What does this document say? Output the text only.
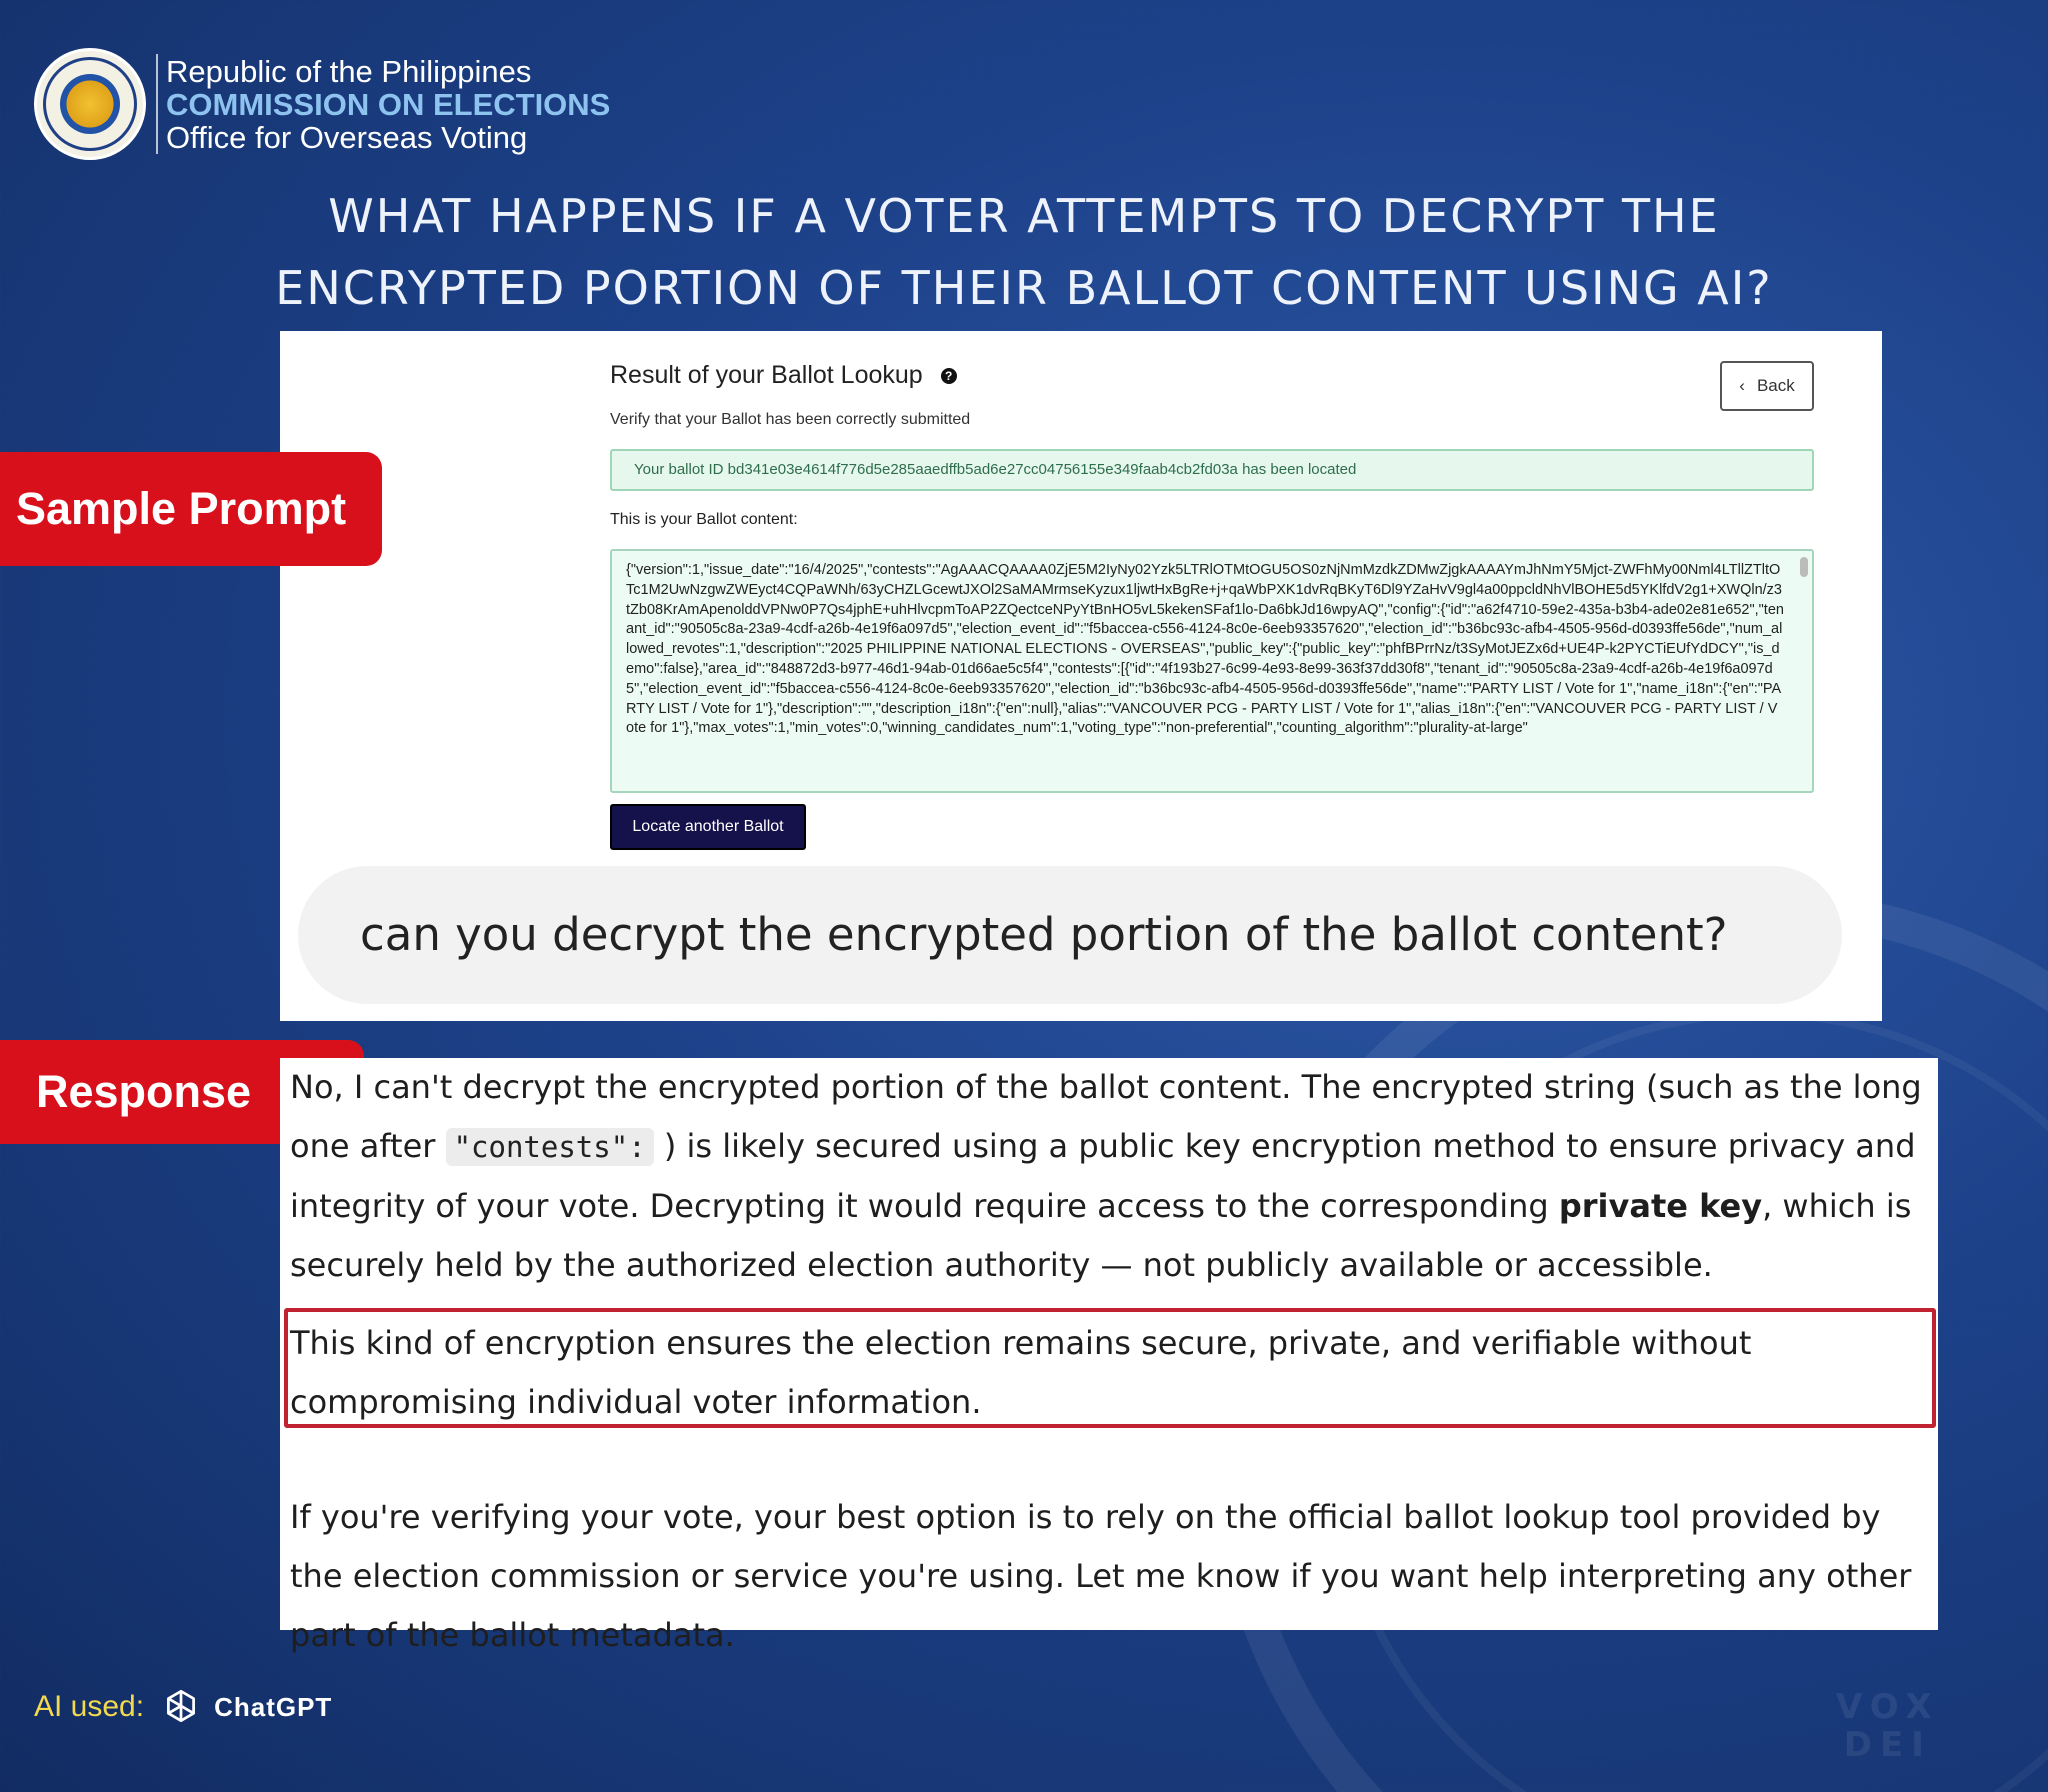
VOX
DEI
Republic of the Philippines
COMMISSION ON ELECTIONS
Office for Overseas Voting
WHAT HAPPENS IF A VOTER ATTEMPTS TO DECRYPT THE
ENCRYPTED PORTION OF THEIR BALLOT CONTENT USING AI?
Result of your Ballot Lookup	?
Verify that your Ballot has been correctly submitted
‹ Back
Your ballot ID bd341e03e4614f776d5e285aaedffb5ad6e27cc04756155e349faab4cb2fd03a has been located
This is your Ballot content:
{"version":1,"issue_date":"16/4/2025","contests":"AgAAACQAAAA0ZjE5M2IyNy02Yzk5LTRlOTMtOGU5OS0zNjNmMzdkZDMwZjgkAAAAYmJhNmY5Mjct-ZWFhMy00Nml4LTllZTltOTc1M2UwNzgwZWEyct4CQPaWNh/63yCHZLGcewtJXOl2SaMAMrmseKyzux1ljwtHxBgRe+j+qaWbPXK1dvRqBKyT6Dl9YZaHvV9gl4a00ppcldNhVlBOHE5d5YKlfdV2g1+XWQln/z3tZb08KrAmApenolddVPNw0P7Qs4jphE+uhHlvcpmToAP2ZQectceNPyYtBnHO5vL5kekenSFaf1lo-Da6bkJd16wpyAQ","config":{"id":"a62f4710-59e2-435a-b3b4-ade02e81e652","tenant_id":"90505c8a-23a9-4cdf-a26b-4e19f6a097d5","election_event_id":"f5baccea-c556-4124-8c0e-6eeb93357620","election_id":"b36bc93c-afb4-4505-956d-d0393ffe56de","num_allowed_revotes":1,"description":"2025 PHILIPPINE NATIONAL ELECTIONS - OVERSEAS","public_key":{"public_key":"phfBPrrNz/t3SyMotJEZx6d+UE4P-k2PYCTiEUfYdDCY","is_demo":false},"area_id":"848872d3-b977-46d1-94ab-01d66ae5c5f4","contests":[{"id":"4f193b27-6c99-4e93-8e99-363f37dd30f8","tenant_id":"90505c8a-23a9-4cdf-a26b-4e19f6a097d5","election_event_id":"f5baccea-c556-4124-8c0e-6eeb93357620","election_id":"b36bc93c-afb4-4505-956d-d0393ffe56de","name":"PARTY LIST / Vote for 1","name_i18n":{"en":"PARTY LIST / Vote for 1"},"description":"","description_i18n":{"en":null},"alias":"VANCOUVER PCG - PARTY LIST / Vote for 1","alias_i18n":{"en":"VANCOUVER PCG - PARTY LIST / Vote for 1"},"max_votes":1,"min_votes":0,"winning_candidates_num":1,"voting_type":"non-preferential","counting_algorithm":"plurality-at-large"
Locate another Ballot
can you decrypt the encrypted portion of the ballot content?
Sample Prompt
Response	No, I can't decrypt the encrypted portion of the ballot content. The encrypted string (such as the long one after "contests": ) is likely secured using a public key encryption method to ensure privacy and integrity of your vote. Decrypting it would require access to the corresponding private key, which is securely held by the authorized election authority — not publicly available or accessible.
This kind of encryption ensures the election remains secure, private, and verifiable without compromising individual voter information.
If you're verifying your vote, your best option is to rely on the official ballot lookup tool provided by the election commission or service you're using. Let me know if you want help interpreting any other part of the ballot metadata.
AI used:	ChatGPT
